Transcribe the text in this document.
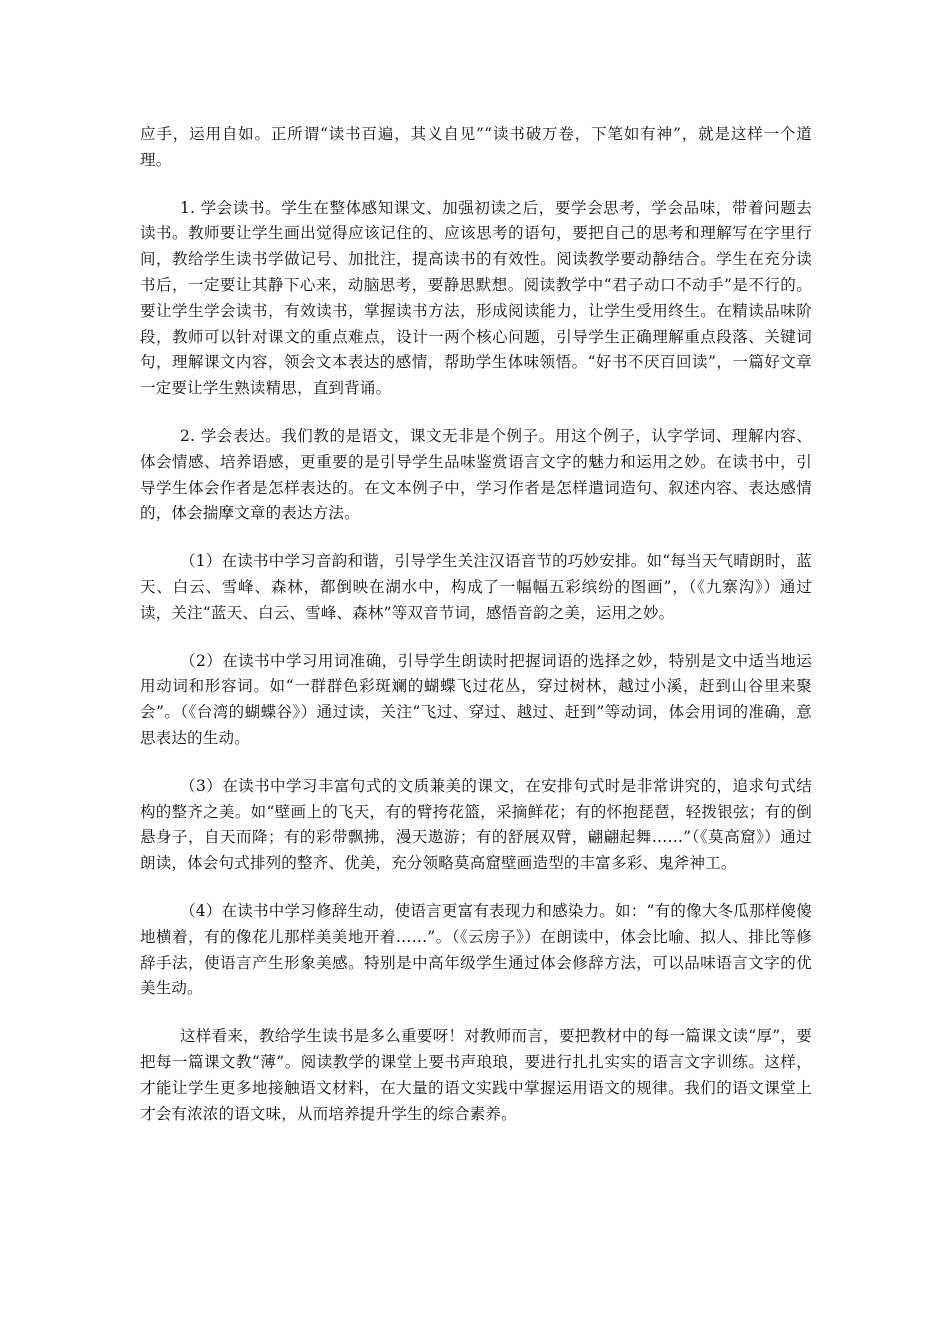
应手，运用自如。正所谓“读书百遍，其义自见”“读书破万卷，下笔如有神”，就是这样一个道理。

1. 学会读书。学生在整体感知课文、加强初读之后，要学会思考，学会品味，带着问题去读书。教师要让学生画出觉得应该记住的、应该思考的语句，要把自己的思考和理解写在字里行间，教给学生读书学做记号、加批注，提高读书的有效性。阅读教学要动静结合。学生在充分读书后，一定要让其静下心来，动脑思考，要静思默想。阅读教学中“君子动口不动手”是不行的。要让学生学会读书，有效读书，掌握读书方法，形成阅读能力，让学生受用终生。在精读品味阶段，教师可以针对课文的重点难点，设计一两个核心问题，引导学生正确理解重点段落、关键词句，理解课文内容，领会文本表达的感情，帮助学生体味领悟。“好书不厌百回读”，一篇好文章一定要让学生熟读精思，直到背诵。

2. 学会表达。我们教的是语文，课文无非是个例子。用这个例子，认字学词、理解内容、体会情感、培养语感，更重要的是引导学生品味鉴赏语言文字的魅力和运用之妙。在读书中，引导学生体会作者是怎样表达的。在文本例子中，学习作者是怎样遣词造句、叙述内容、表达感情的，体会揣摩文章的表达方法。

（1）在读书中学习音韵和谐，引导学生关注汉语音节的巧妙安排。如“每当天气晴朗时，蓝天、白云、雪峰、森林，都倒映在湖水中，构成了一幅幅五彩缤纷的图画”，（《九寨沟》）通过读，关注“蓝天、白云、雪峰、森林”等双音节词，感悟音韵之美，运用之妙。

（2）在读书中学习用词准确，引导学生朗读时把握词语的选择之妙，特别是文中适当地运用动词和形容词。如“一群群色彩斑斓的蝴蝶飞过花丛，穿过树林，越过小溪，赶到山谷里来聚会”。（《台湾的蝴蝶谷》）通过读，关注“飞过、穿过、越过、赶到”等动词，体会用词的准确，意思表达的生动。

（3）在读书中学习丰富句式的文质兼美的课文，在安排句式时是非常讲究的，追求句式结构的整齐之美。如“壁画上的飞天，有的臂挎花篮，采摘鲜花；有的怀抱琵琶，轻拨银弦；有的倒悬身子，自天而降；有的彩带飘拂，漫天遨游；有的舒展双臂，翩翩起舞……”（《莫高窟》）通过朗读，体会句式排列的整齐、优美，充分领略莫高窟壁画造型的丰富多彩、鬼斧神工。

（4）在读书中学习修辞生动，使语言更富有表现力和感染力。如：“有的像大冬瓜那样傻傻地横着，有的像花儿那样美美地开着……”。（《云房子》）在朗读中，体会比喻、拟人、排比等修辞手法，使语言产生形象美感。特别是中高年级学生通过体会修辞方法，可以品味语言文字的优美生动。

这样看来，教给学生读书是多么重要呀！对教师而言，要把教材中的每一篇课文读“厚”，要把每一篇课文教“薄”。阅读教学的课堂上要书声琅琅，要进行扎扎实实的语言文字训练。这样，才能让学生更多地接触语文材料，在大量的语文实践中掌握运用语文的规律。我们的语文课堂上才会有浓浓的语文味，从而培养提升学生的综合素养。
